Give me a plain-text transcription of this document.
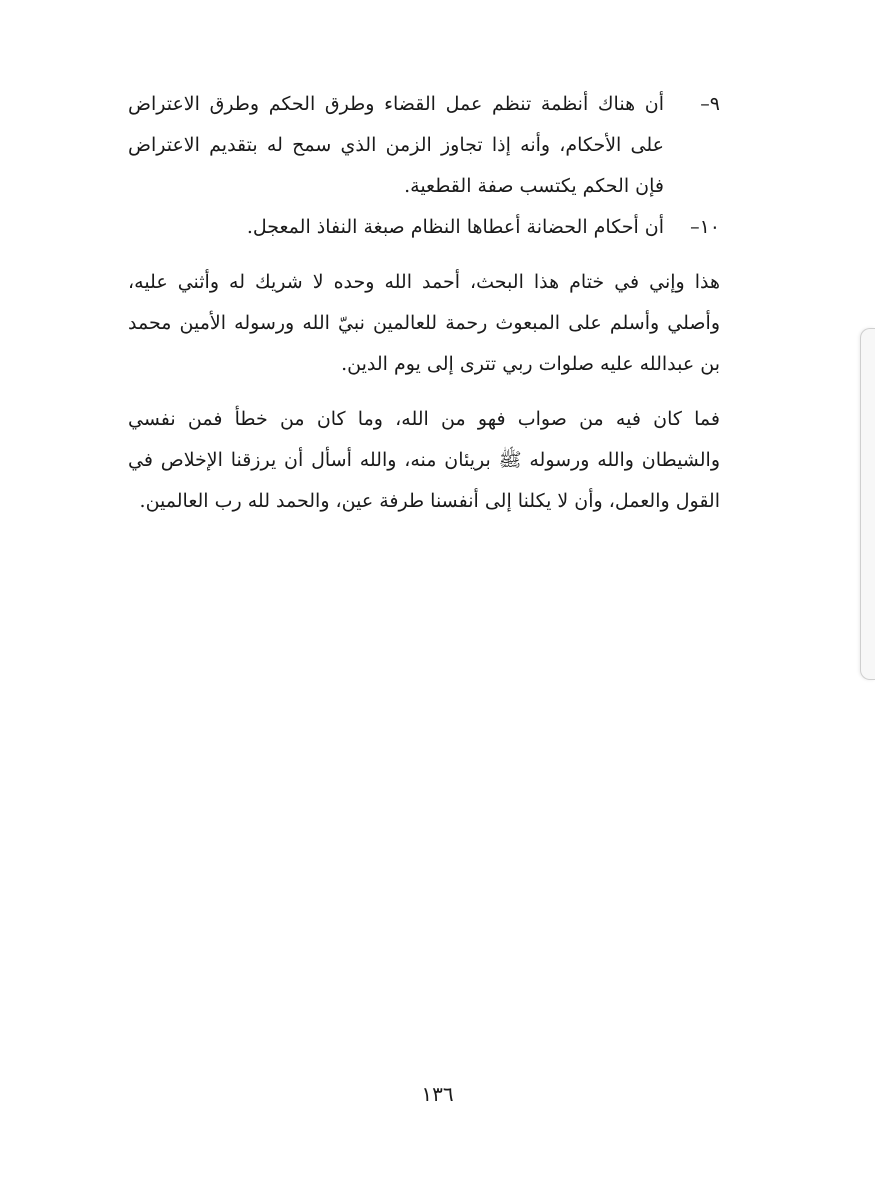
٩–
أن هناك أنظمة تنظم عمل القضاء وطرق الحكم وطرق الاعتراض على الأحكام، وأنه إذا تجاوز الزمن الذي سمح له بتقديم الاعتراض فإن الحكم يكتسب صفة القطعية.
١٠–
أن أحكام الحضانة أعطاها النظام صبغة النفاذ المعجل.

هذا وإني في ختام هذا البحث، أحمد الله وحده لا شريك له وأثني عليه، وأصلي وأسلم على المبعوث رحمة للعالمين نبيّ الله ورسوله الأمين محمد بن عبدالله عليه صلوات ربي تترى إلى يوم الدين.

فما كان فيه من صواب فهو من الله، وما كان من خطأ فمن نفسي والشيطان والله ورسوله ﷺ بريئان منه، والله أسأل أن يرزقنا الإخلاص في القول والعمل، وأن لا يكلنا إلى أنفسنا طرفة عين، والحمد لله رب العالمين.

١٣٦
